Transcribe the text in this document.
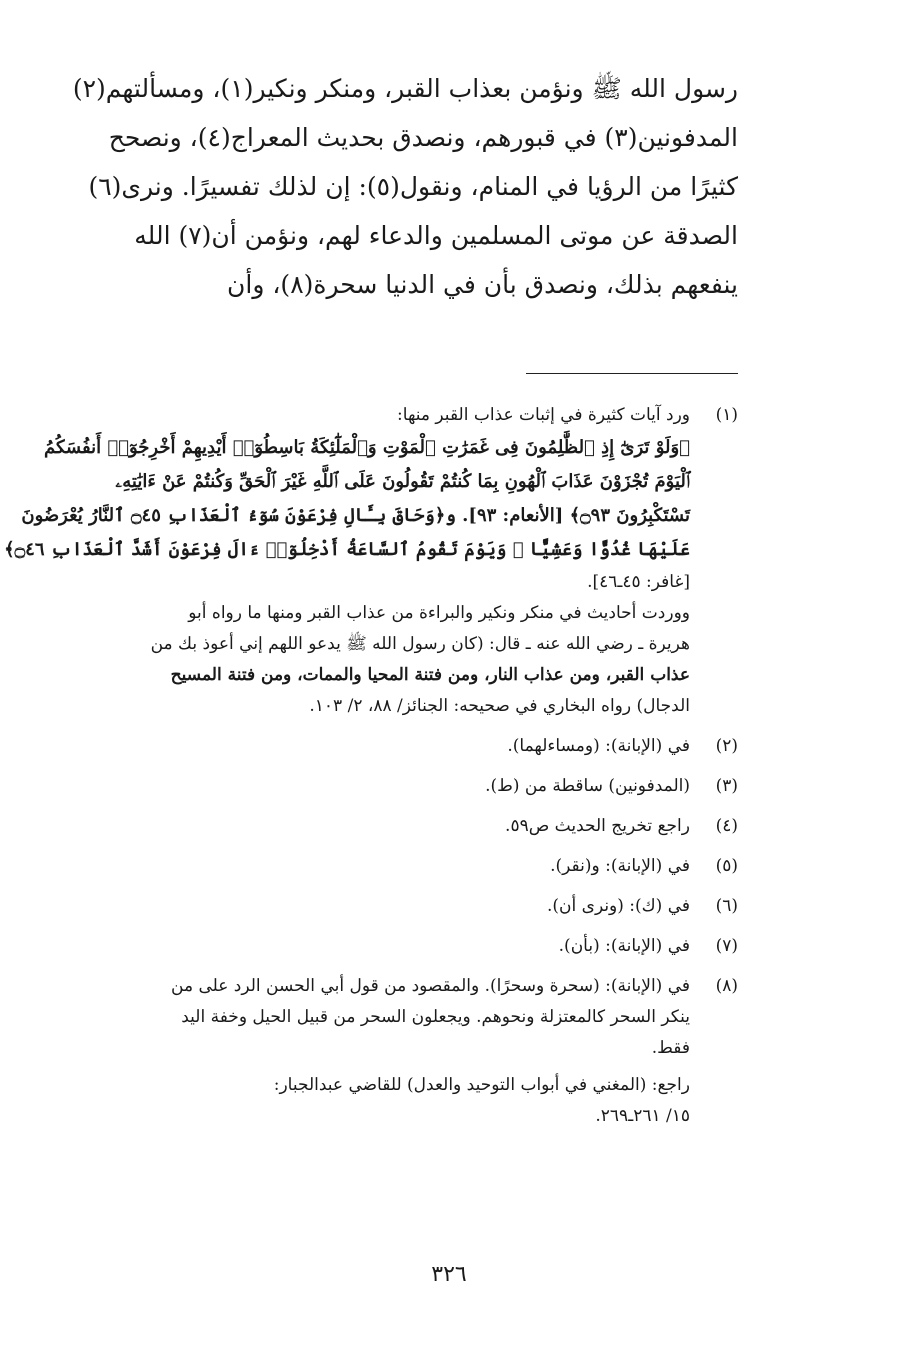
رسول الله ﷺ ونؤمن بعذاب القبر، ومنكر ونكير(١)، ومسألتهم(٢)
المدفونين(٣) في قبورهم، ونصدق بحديث المعراج(٤)، ونصحح
كثيرًا من الرؤيا في المنام، ونقول(٥): إن لذلك تفسيرًا. ونرى(٦)
الصدقة عن موتى المسلمين والدعاء لهم، ونؤمن أن(٧) الله
ينفعهم بذلك، ونصدق بأن في الدنيا سحرة(٨)، وأن
(١)
ورد آيات كثيرة في إثبات عذاب القبر منها:
﴿وَلَوْ تَرَىٰٓ إِذِ ٱلظَّٰلِمُونَ فِى غَمَرَٰتِ ٱلْمَوْتِ وَٱلْمَلَٰٓئِكَةُ بَاسِطُوٓا۟ أَيْدِيهِمْ أَخْرِجُوٓا۟ أَنفُسَكُمُ
ٱلْيَوْمَ تُجْزَوْنَ عَذَابَ ٱلْهُونِ بِمَا كُنتُمْ تَقُولُونَ عَلَى ٱللَّهِ غَيْرَ ٱلْحَقِّ وَكُنتُمْ عَنْ ءَايَٰتِهِۦ
تَسْتَكْبِرُونَ ۝٩٣﴾ [الأنعام: ٩٣]. و﴿وَحَاقَ بِـَٔالِ فِرْعَوْنَ سُوٓءُ ٱلْعَذَابِ ۝٤٥ ٱلنَّارُ يُعْرَضُونَ
عَلَيْهَا غُدُوًّا وَعَشِيًّا ۖ وَيَوْمَ تَقُومُ ٱلسَّاعَةُ أَدْخِلُوٓا۟ ءَالَ فِرْعَوْنَ أَشَدَّ ٱلْعَذَابِ ۝٤٦﴾
[غافر: ٤٥ـ٤٦].
ووردت أحاديث في منكر ونكير والبراءة من عذاب القبر ومنها ما رواه أبو
هريرة ـ رضي الله عنه ـ قال: (كان رسول الله ﷺ يدعو اللهم إني أعوذ بك من
عذاب القبر، ومن عذاب النار، ومن فتنة المحيا والممات، ومن فتنة المسيح
الدجال) رواه البخاري في صحيحه: الجنائز/ ٨٨، ٢/ ١٠٣.
(٢)
في (الإبانة): (ومساءلهما).
(٣)
(المدفونين) ساقطة من (ط).
(٤)
راجع تخريج الحديث ص٥٩.
(٥)
في (الإبانة): و(نقر).
(٦)
في (ك): (ونرى أن).
(٧)
في (الإبانة): (بأن).
(٨)
في (الإبانة): (سحرة وسحرًا). والمقصود من قول أبي الحسن الرد على من
ينكر السحر كالمعتزلة ونحوهم. ويجعلون السحر من قبيل الحيل وخفة اليد
فقط.
راجع: (المغني في أبواب التوحيد والعدل) للقاضي عبدالجبار:
١٥/ ٢٦١ـ٢٦٩.
٣٢٦
